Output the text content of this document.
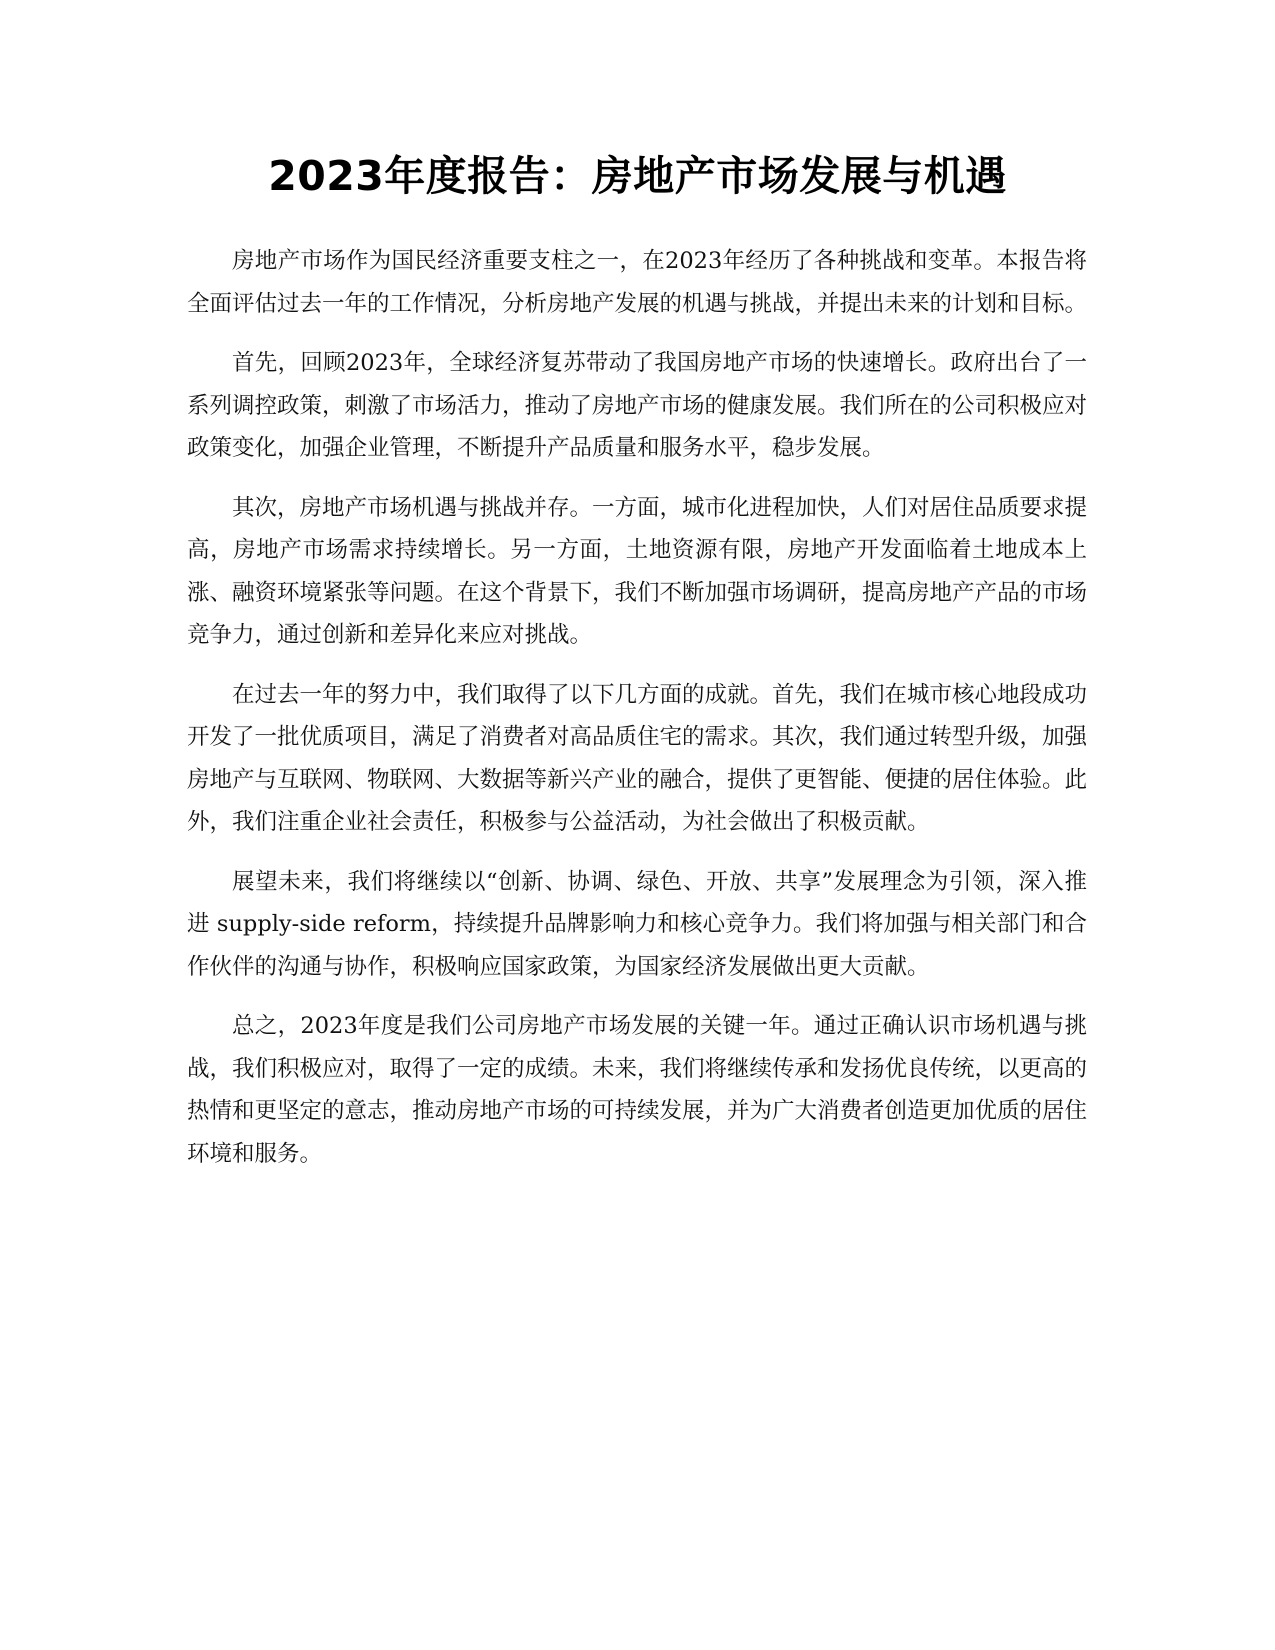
2023年度报告：房地产市场发展与机遇

房地产市场作为国民经济重要支柱之一，在2023年经历了各种挑战和变革。本报告将全面评估过去一年的工作情况，分析房地产发展的机遇与挑战，并提出未来的计划和目标。

首先，回顾2023年，全球经济复苏带动了我国房地产市场的快速增长。政府出台了一系列调控政策，刺激了市场活力，推动了房地产市场的健康发展。我们所在的公司积极应对政策变化，加强企业管理，不断提升产品质量和服务水平，稳步发展。

其次，房地产市场机遇与挑战并存。一方面，城市化进程加快，人们对居住品质要求提高，房地产市场需求持续增长。另一方面，土地资源有限，房地产开发面临着土地成本上涨、融资环境紧张等问题。在这个背景下，我们不断加强市场调研，提高房地产产品的市场竞争力，通过创新和差异化来应对挑战。

在过去一年的努力中，我们取得了以下几方面的成就。首先，我们在城市核心地段成功开发了一批优质项目，满足了消费者对高品质住宅的需求。其次，我们通过转型升级，加强房地产与互联网、物联网、大数据等新兴产业的融合，提供了更智能、便捷的居住体验。此外，我们注重企业社会责任，积极参与公益活动，为社会做出了积极贡献。

展望未来，我们将继续以“创新、协调、绿色、开放、共享”发展理念为引领，深入推进 supply-side reform，持续提升品牌影响力和核心竞争力。我们将加强与相关部门和合作伙伴的沟通与协作，积极响应国家政策，为国家经济发展做出更大贡献。

总之，2023年度是我们公司房地产市场发展的关键一年。通过正确认识市场机遇与挑战，我们积极应对，取得了一定的成绩。未来，我们将继续传承和发扬优良传统，以更高的热情和更坚定的意志，推动房地产市场的可持续发展，并为广大消费者创造更加优质的居住环境和服务。
